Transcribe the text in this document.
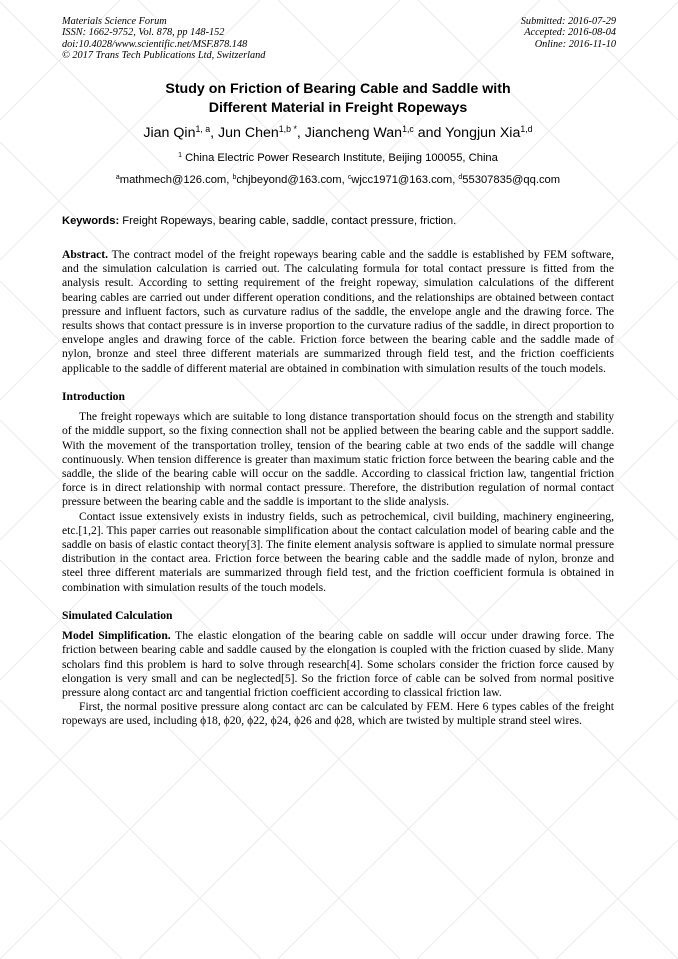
Materials Science Forum
ISSN: 1662-9752, Vol. 878, pp 148-152
doi:10.4028/www.scientific.net/MSF.878.148
© 2017 Trans Tech Publications Ltd, Switzerland
Submitted: 2016-07-29
Accepted: 2016-08-04
Online: 2016-11-10
Study on Friction of Bearing Cable and Saddle with
Different Material in Freight Ropeways
Jian Qin$^{1, a}$, Jun Chen$^{1,b *}$, Jiancheng Wan$^{1,c}$ and Yongjun Xia$^{1,d}$
$^1$ China Electric Power Research Institute, Beijing 100055, China
$^a$mathmech@126.com, $^b$chjbeyond@163.com, $^c$wjcc1971@163.com, $^d$55307835@qq.com
Keywords: Freight Ropeways, bearing cable, saddle, contact pressure, friction.

Abstract. The contract model of the freight ropeways bearing cable and the saddle is established by FEM software, and the simulation calculation is carried out. The calculating formula for total contact pressure is fitted from the analysis result. According to setting requirement of the freight ropeway, simulation calculations of the different bearing cables are carried out under different operation conditions, and the relationships are obtained between contact pressure and influent factors, such as curvature radius of the saddle, the envelope angle and the drawing force. The results shows that contact pressure is in inverse proportion to the curvature radius of the saddle, in direct proportion to envelope angles and drawing force of the cable. Friction force between the bearing cable and the saddle made of nylon, bronze and steel three different materials are summarized through field test, and the friction coefficients applicable to the saddle of different material are obtained in combination with simulation results of the touch models.

Introduction

The freight ropeways which are suitable to long distance transportation should focus on the strength and stability of the middle support, so the fixing connection shall not be applied between the bearing cable and the support saddle. With the movement of the transportation trolley, tension of the bearing cable at two ends of the saddle will change continuously. When tension difference is greater than maximum static friction force between the bearing cable and the saddle, the slide of the bearing cable will occur on the saddle. According to classical friction law, tangential friction force is in direct relationship with normal contact pressure. Therefore, the distribution regulation of normal contact pressure between the bearing cable and the saddle is important to the slide analysis.

Contact issue extensively exists in industry fields, such as petrochemical, civil building, machinery engineering, etc.[1,2]. This paper carries out reasonable simplification about the contact calculation model of bearing cable and the saddle on basis of elastic contact theory[3]. The finite element analysis software is applied to simulate normal pressure distribution in the contact area. Friction force between the bearing cable and the saddle made of nylon, bronze and steel three different materials are summarized through field test, and the friction coefficient formula is obtained in combination with simulation results of the touch models.

Simulated Calculation

Model Simplification. The elastic elongation of the bearing cable on saddle will occur under drawing force. The friction between bearing cable and saddle caused by the elongation is coupled with the friction cuased by slide. Many scholars find this problem is hard to solve through research[4]. Some scholars consider the friction force caused by elongation is very small and can be neglected[5]. So the friction force of cable can be solved from normal positive pressure along contact arc and tangential friction coefficient according to classical friction law.

First, the normal positive pressure along contact arc can be calculated by FEM. Here 6 types cables of the freight ropeways are used, including ϕ18, ϕ20, ϕ22, ϕ24, ϕ26 and ϕ28, which are twisted by multiple strand steel wires.
